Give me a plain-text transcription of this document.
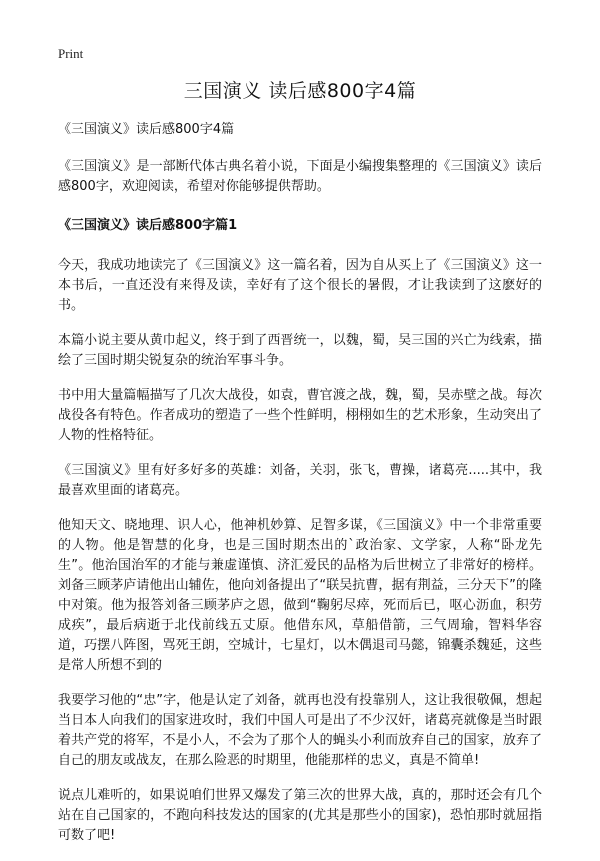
Print
三国演义 读后感800字4篇

《三国演义》读后感800字4篇

《三国演义》是一部断代体古典名着小说，下面是小编搜集整理的《三国演义》读后感800字，欢迎阅读，希望对你能够提供帮助。

《三国演义》读后感800字篇1

今天，我成功地读完了《三国演义》这一篇名着，因为自从买上了《三国演义》这一本书后，一直还没有来得及读，幸好有了这个很长的暑假，才让我读到了这麽好的书。

本篇小说主要从黄巾起义，终于到了西晋统一，以魏，蜀，吴三国的兴亡为线索，描绘了三国时期尖锐复杂的统治军事斗争。

书中用大量篇幅描写了几次大战役，如袁，曹官渡之战，魏，蜀，吴赤壁之战。每次战役各有特色。作者成功的塑造了一些个性鲜明，栩栩如生的艺术形象，生动突出了人物的性格特征。

《三国演义》里有好多好多的英雄：刘备，关羽，张飞，曹操，诸葛亮.....其中，我最喜欢里面的诸葛亮。

他知天文、晓地理、识人心，他神机妙算、足智多谋，《三国演义》中一个非常重要的人物。他是智慧的化身，也是三国时期杰出的`政治家、文学家，人称“卧龙先生”。他治国治军的才能与兼虚谨慎、济汇爱民的品格为后世树立了非常好的榜样。刘备三顾茅庐请他出山辅佐，他向刘备提出了“联吴抗曹，据有荆益，三分天下”的隆中对策。他为报答刘备三顾茅庐之恩，做到“鞠躬尽瘁，死而后已，呕心沥血，积劳成疾”，最后病逝于北伐前线五丈原。他借东风，草船借箭，三气周瑜，智料华容道，巧摆八阵图，骂死王朗，空城计，七星灯，以木偶退司马懿，锦囊杀魏延，这些是常人所想不到的

我要学习他的“忠”字，他是认定了刘备，就再也没有投靠别人，这让我很敬佩，想起当日本人向我们的国家进攻时，我们中国人可是出了不少汉奸，诸葛亮就像是当时跟着共产党的将军，不是小人，不会为了那个人的蝇头小利而放弃自己的国家，放弃了自己的朋友或战友，在那么险恶的时期里，他能那样的忠义，真是不简单!

说点儿难听的，如果说咱们世界又爆发了第三次的世界大战，真的，那时还会有几个站在自己国家的，不跑向科技发达的国家的(尤其是那些小的国家)，恐怕那时就屈指可数了吧!
